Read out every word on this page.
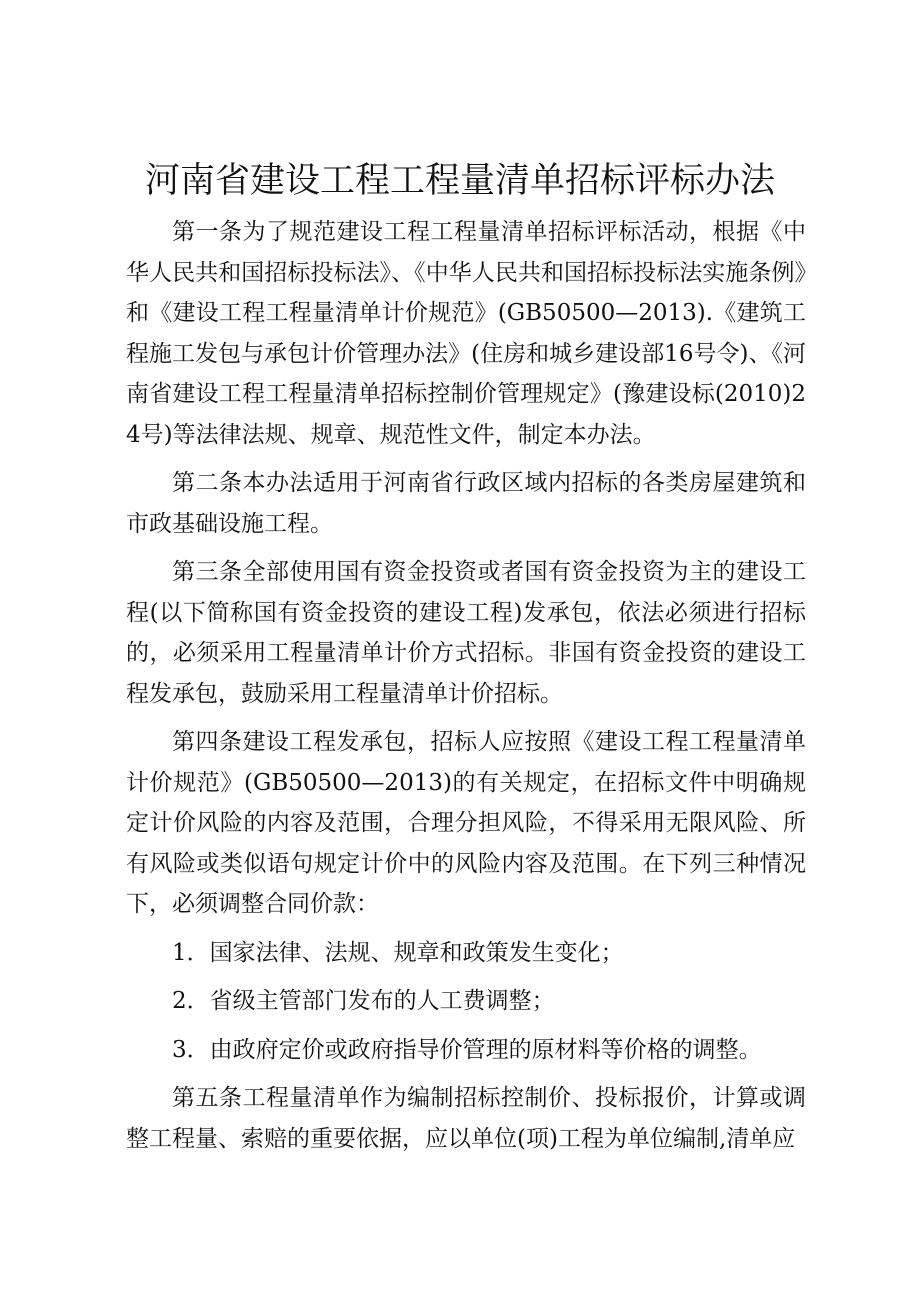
河南省建设工程工程量清单招标评标办法

第一条为了规范建设工程工程量清单招标评标活动，根据《中华人民共和国招标投标法》、《中华人民共和国招标投标法实施条例》和《建设工程工程量清单计价规范》(GB50500—2013).《建筑工程施工发包与承包计价管理办法》(住房和城乡建设部16号令)、《河南省建设工程工程量清单招标控制价管理规定》(豫建设标(2010)24号)等法律法规、规章、规范性文件，制定本办法。

第二条本办法适用于河南省行政区域内招标的各类房屋建筑和市政基础设施工程。

第三条全部使用国有资金投资或者国有资金投资为主的建设工程(以下简称国有资金投资的建设工程)发承包，依法必须进行招标的，必须采用工程量清单计价方式招标。非国有资金投资的建设工程发承包，鼓励采用工程量清单计价招标。

第四条建设工程发承包，招标人应按照《建设工程工程量清单计价规范》(GB50500—2013)的有关规定，在招标文件中明确规定计价风险的内容及范围，合理分担风险，不得采用无限风险、所有风险或类似语句规定计价中的风险内容及范围。在下列三种情况下，必须调整合同价款：

1．国家法律、法规、规章和政策发生变化；

2．省级主管部门发布的人工费调整；

3．由政府定价或政府指导价管理的原材料等价格的调整。

第五条工程量清单作为编制招标控制价、投标报价，计算或调整工程量、索赔的重要依据，应以单位(项)工程为单位编制,清单应
